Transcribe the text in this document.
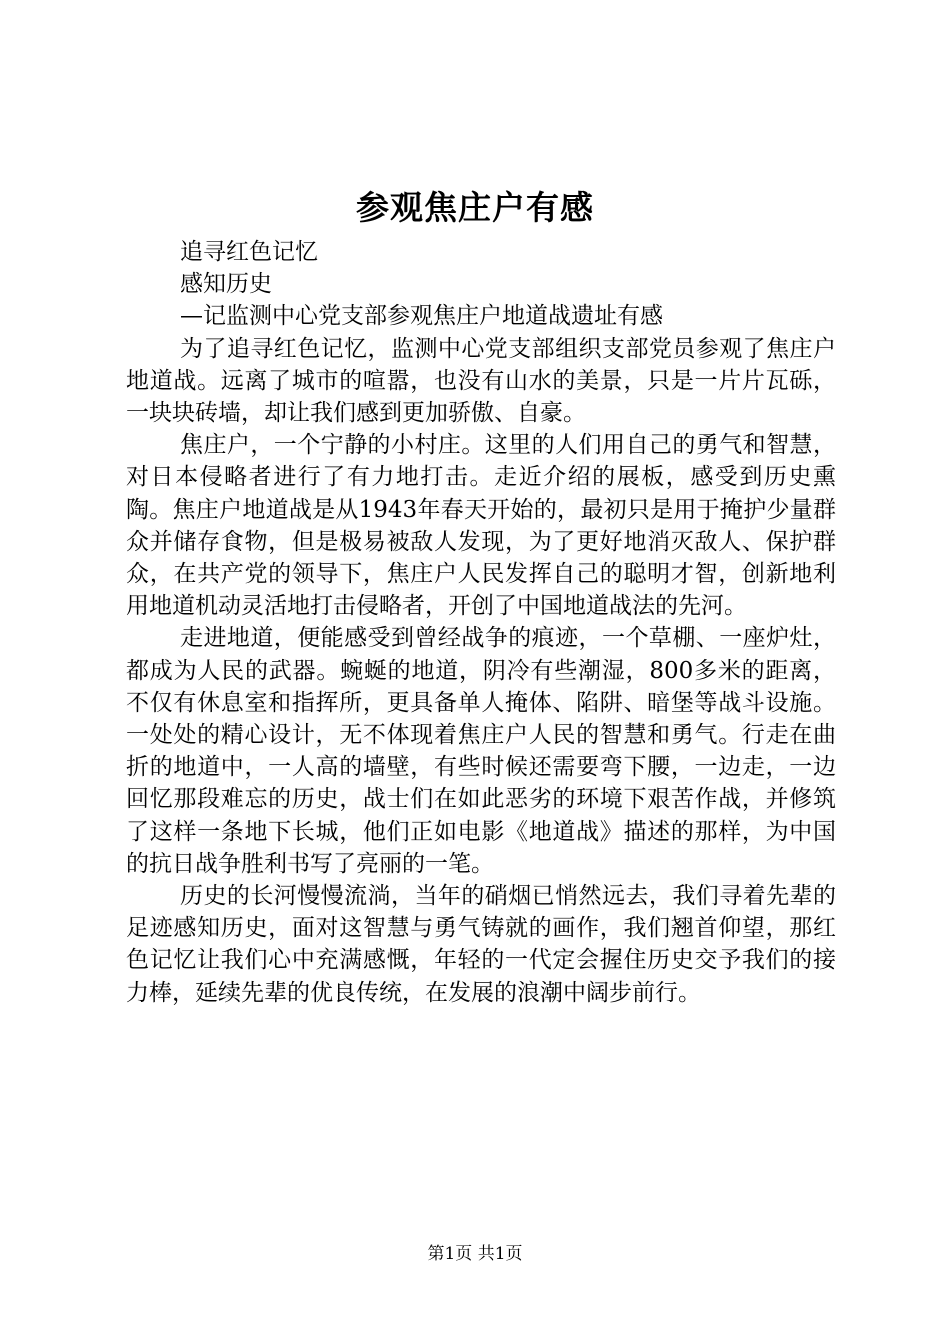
参观焦庄户有感
追寻红色记忆
感知历史
—记监测中心党支部参观焦庄户地道战遗址有感

为了追寻红色记忆，监测中心党支部组织支部党员参观了焦庄户地道战。远离了城市的喧嚣，也没有山水的美景，只是一片片瓦砾，一块块砖墙，却让我们感到更加骄傲、自豪。

焦庄户，一个宁静的小村庄。这里的人们用自己的勇气和智慧，对日本侵略者进行了有力地打击。走近介绍的展板，感受到历史熏陶。焦庄户地道战是从1943年春天开始的，最初只是用于掩护少量群众并储存食物，但是极易被敌人发现，为了更好地消灭敌人、保护群众，在共产党的领导下，焦庄户人民发挥自己的聪明才智，创新地利用地道机动灵活地打击侵略者，开创了中国地道战法的先河。

走进地道，便能感受到曾经战争的痕迹，一个草棚、一座炉灶，都成为人民的武器。蜿蜒的地道，阴冷有些潮湿，800多米的距离，不仅有休息室和指挥所，更具备单人掩体、陷阱、暗堡等战斗设施。一处处的精心设计，无不体现着焦庄户人民的智慧和勇气。行走在曲折的地道中，一人高的墙壁，有些时候还需要弯下腰，一边走，一边回忆那段难忘的历史，战士们在如此恶劣的环境下艰苦作战，并修筑了这样一条地下长城，他们正如电影《地道战》描述的那样，为中国的抗日战争胜利书写了亮丽的一笔。

历史的长河慢慢流淌，当年的硝烟已悄然远去，我们寻着先辈的足迹感知历史，面对这智慧与勇气铸就的画作，我们翘首仰望，那红色记忆让我们心中充满感慨，年轻的一代定会握住历史交予我们的接力棒，延续先辈的优良传统，在发展的浪潮中阔步前行。

第1页 共1页
